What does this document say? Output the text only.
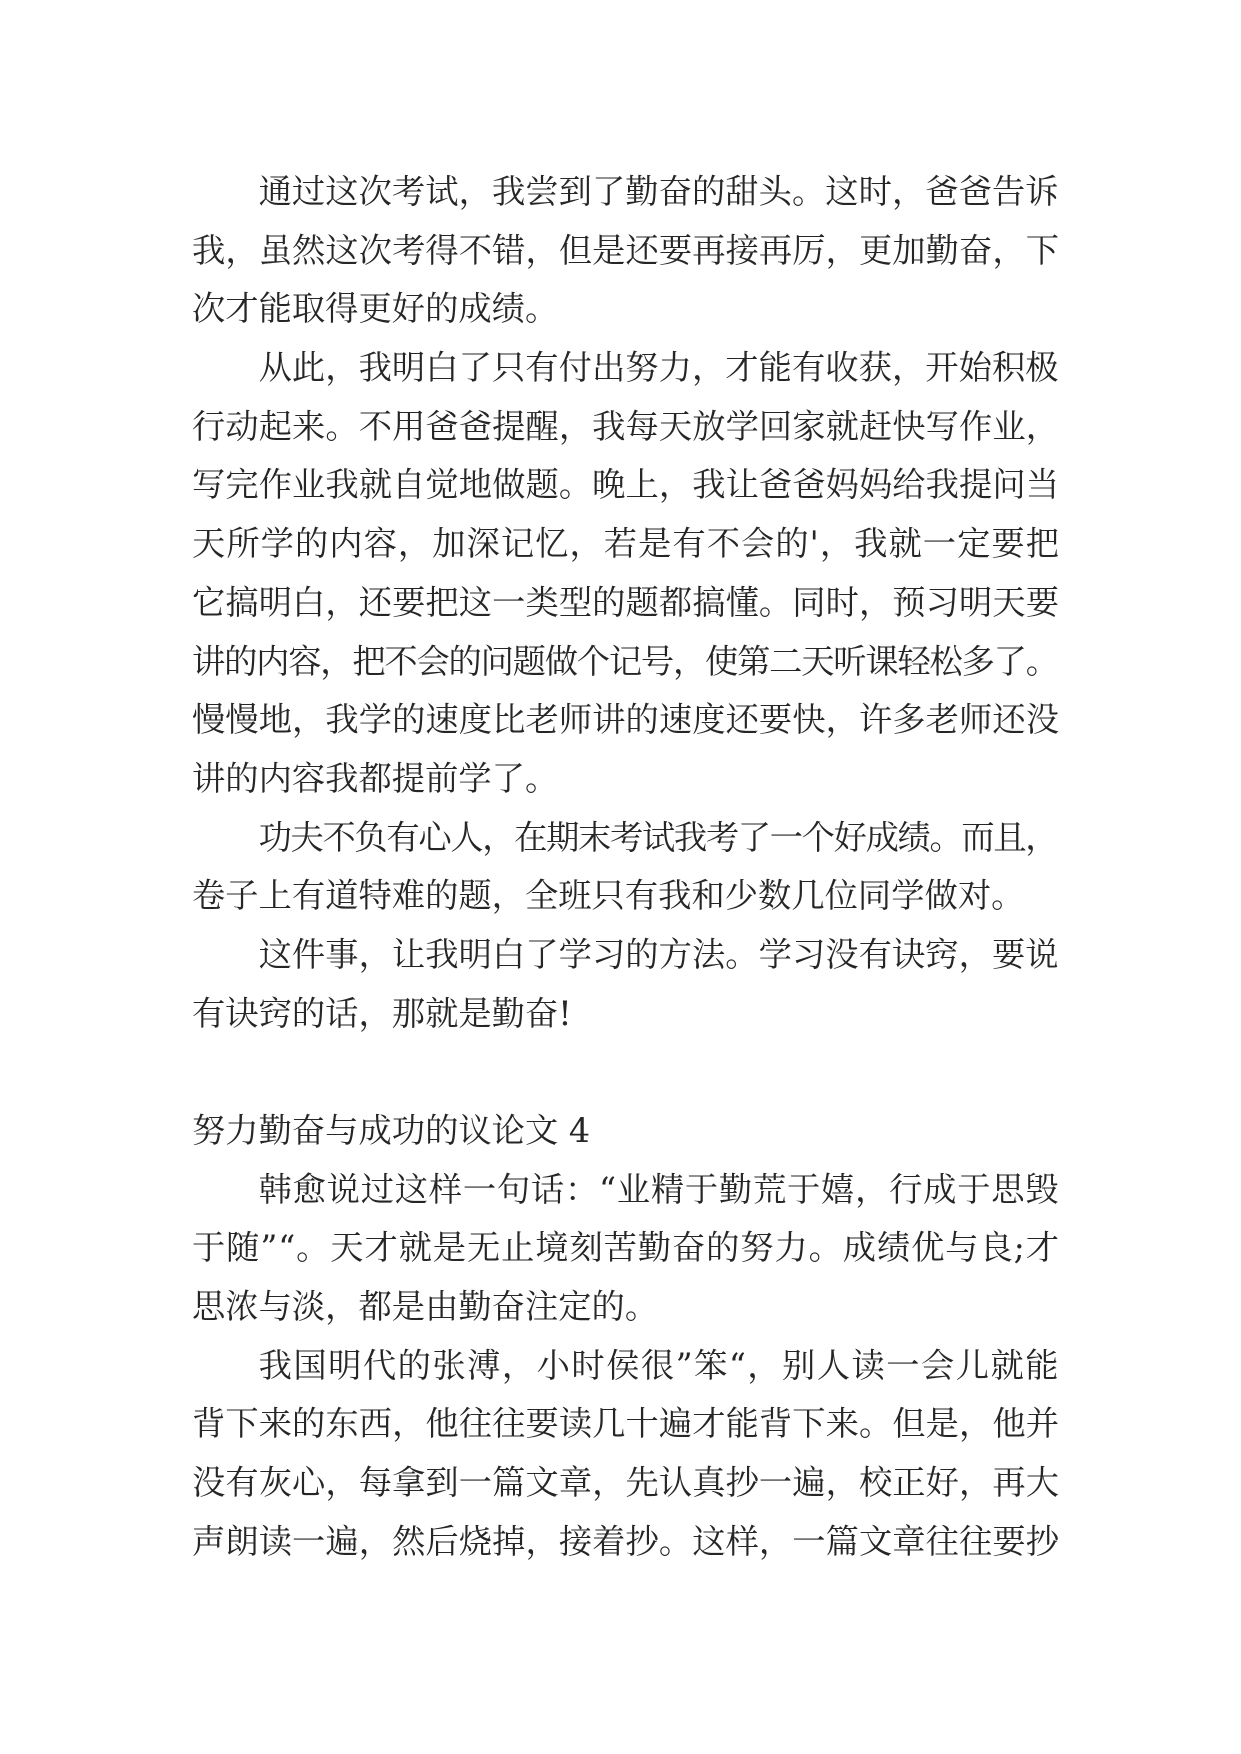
通过这次考试，我尝到了勤奋的甜头。这时，爸爸告诉
我，虽然这次考得不错，但是还要再接再厉，更加勤奋，下
次才能取得更好的成绩。
从此，我明白了只有付出努力，才能有收获，开始积极
行动起来。不用爸爸提醒，我每天放学回家就赶快写作业，
写完作业我就自觉地做题。晚上，我让爸爸妈妈给我提问当
天所学的内容，加深记忆，若是有不会的'，我就一定要把
它搞明白，还要把这一类型的题都搞懂。同时，预习明天要
讲的内容，把不会的问题做个记号，使第二天听课轻松多了。
慢慢地，我学的速度比老师讲的速度还要快，许多老师还没
讲的内容我都提前学了。
功夫不负有心人，在期末考试我考了一个好成绩。而且，
卷子上有道特难的题，全班只有我和少数几位同学做对。
这件事，让我明白了学习的方法。学习没有诀窍，要说
有诀窍的话，那就是勤奋!
努力勤奋与成功的议论文 4
韩愈说过这样一句话：“业精于勤荒于嬉，行成于思毁
于随”“。天才就是无止境刻苦勤奋的努力。成绩优与良;才
思浓与淡，都是由勤奋注定的。
我国明代的张溥，小时侯很”笨“，别人读一会儿就能
背下来的东西，他往往要读几十遍才能背下来。但是，他并
没有灰心，每拿到一篇文章，先认真抄一遍，校正好，再大
声朗读一遍，然后烧掉，接着抄。这样，一篇文章往往要抄
